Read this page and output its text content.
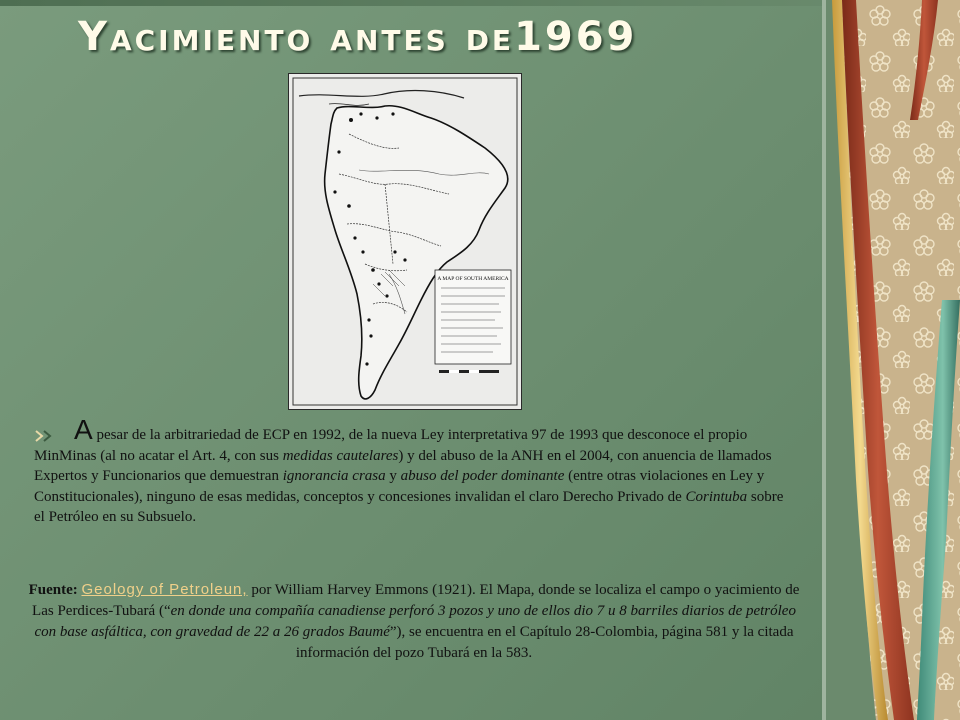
Yacimiento antes de1969
A MAP OF SOUTH AMERICA

A pesar de la arbitrariedad de ECP en 1992, de la nueva Ley interpretativa 97 de 1993 que desconoce el propio MinMinas (al no acatar el Art. 4, con sus medidas cautelares) y del abuso de la ANH en el 2004, con anuencia de llamados Expertos y Funcionarios que demuestran ignorancia crasa y abuso del poder dominante (entre otras violaciones en Ley y Constitucionales), ninguno de esas medidas, conceptos y concesiones invalidan el claro Derecho Privado de Corintuba sobre el Petróleo en su Subsuelo.

Fuente: Geology of Petroleun, por William Harvey Emmons (1921). El Mapa, donde se localiza el campo o yacimiento de Las Perdices-Tubará (“en donde una compañía canadiense perforó 3 pozos y uno de ellos dio 7 u 8 barriles diarios de petróleo con base asfáltica, con gravedad de 22 a 26 grados Baumé”), se encuentra en el Capítulo 28-Colombia, página 581 y la citada información del pozo Tubará en la 583.
